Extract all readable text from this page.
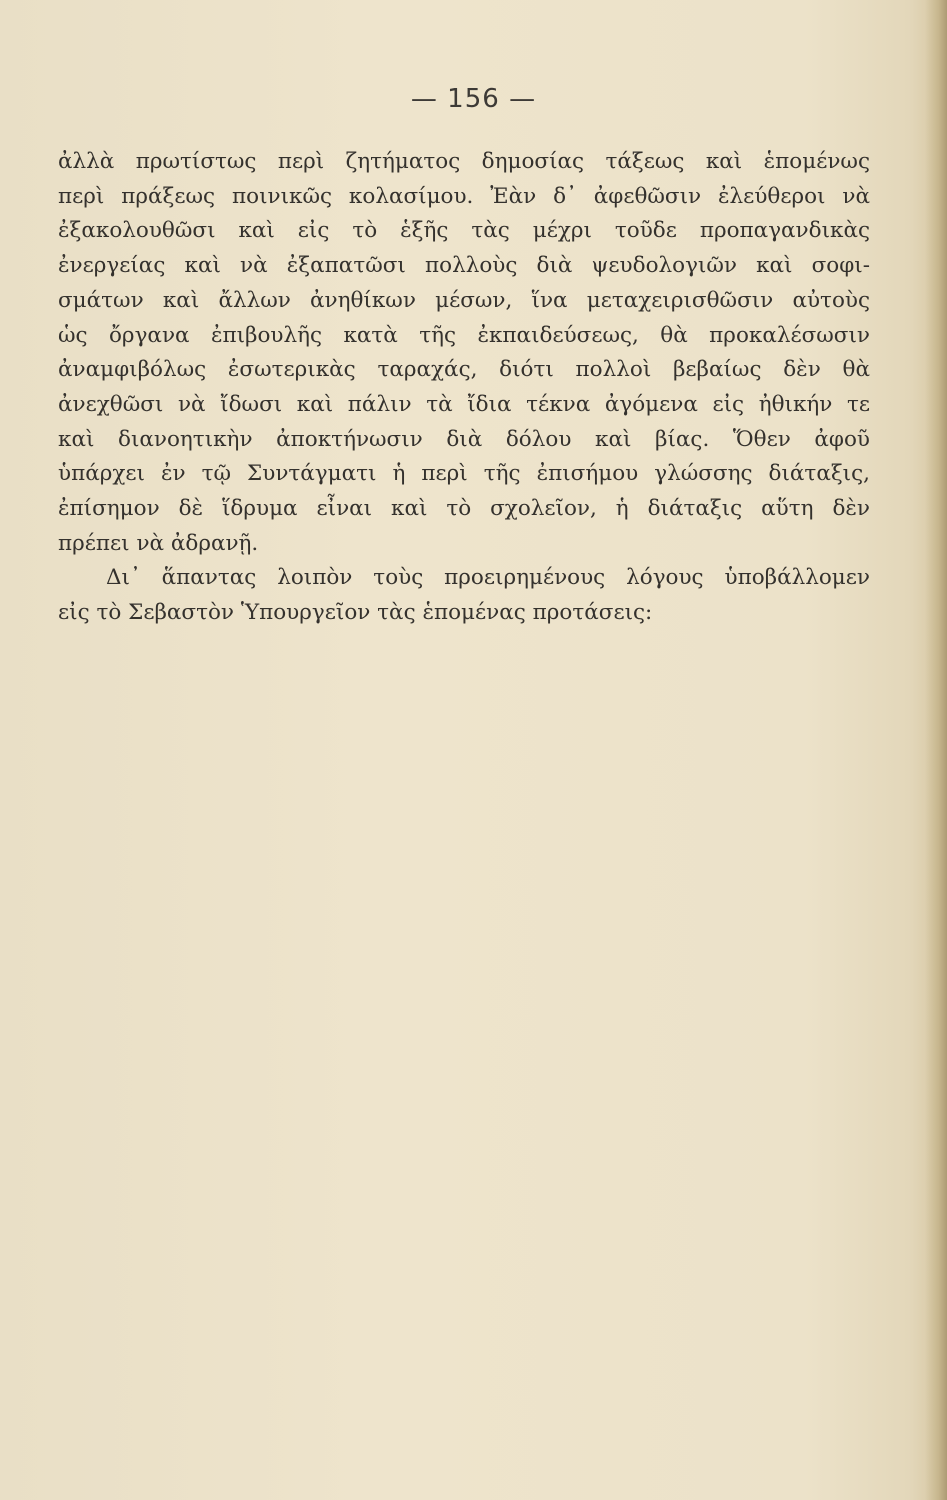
— 156 —
ἀλλὰ πρωτίστως περὶ ζητήματος δημοσίας τάξεως καὶ ἑπομένως
περὶ πράξεως ποινικῶς κολασίμου. Ἐὰν δ᾽ ἀφεθῶσιν ἐλεύθεροι νὰ
ἐξακολουθῶσι καὶ εἰς τὸ ἑξῆς τὰς μέχρι τοῦδε προπαγανδικὰς
ἐνεργείας καὶ νὰ ἐξαπατῶσι πολλοὺς διὰ ψευδολογιῶν καὶ σοφι-
σμάτων καὶ ἄλλων ἀνηθίκων μέσων, ἵνα μεταχειρισθῶσιν αὐτοὺς
ὡς ὄργανα ἐπιβουλῆς κατὰ τῆς ἐκπαιδεύσεως, θὰ προκαλέσωσιν
ἀναμφιβόλως ἐσωτερικὰς ταραχάς, διότι πολλοὶ βεβαίως δὲν θὰ
ἀνεχθῶσι νὰ ἴδωσι καὶ πάλιν τὰ ἴδια τέκνα ἀγόμενα εἰς ἠθικήν τε
καὶ διανοητικὴν ἀποκτήνωσιν διὰ δόλου καὶ βίας. Ὅθεν ἀφοῦ
ὑπάρχει ἐν τῷ Συντάγματι ἡ περὶ τῆς ἐπισήμου γλώσσης διάταξις,
ἐπίσημον δὲ ἵδρυμα εἶναι καὶ τὸ σχολεῖον, ἡ διάταξις αὕτη δὲν
πρέπει νὰ ἀδρανῇ.
Δι᾽ ἅπαντας λοιπὸν τοὺς προειρημένους λόγους ὑποβάλλομεν
εἰς τὸ Σεβαστὸν Ὑπουργεῖον τὰς ἑπομένας προτάσεις:
